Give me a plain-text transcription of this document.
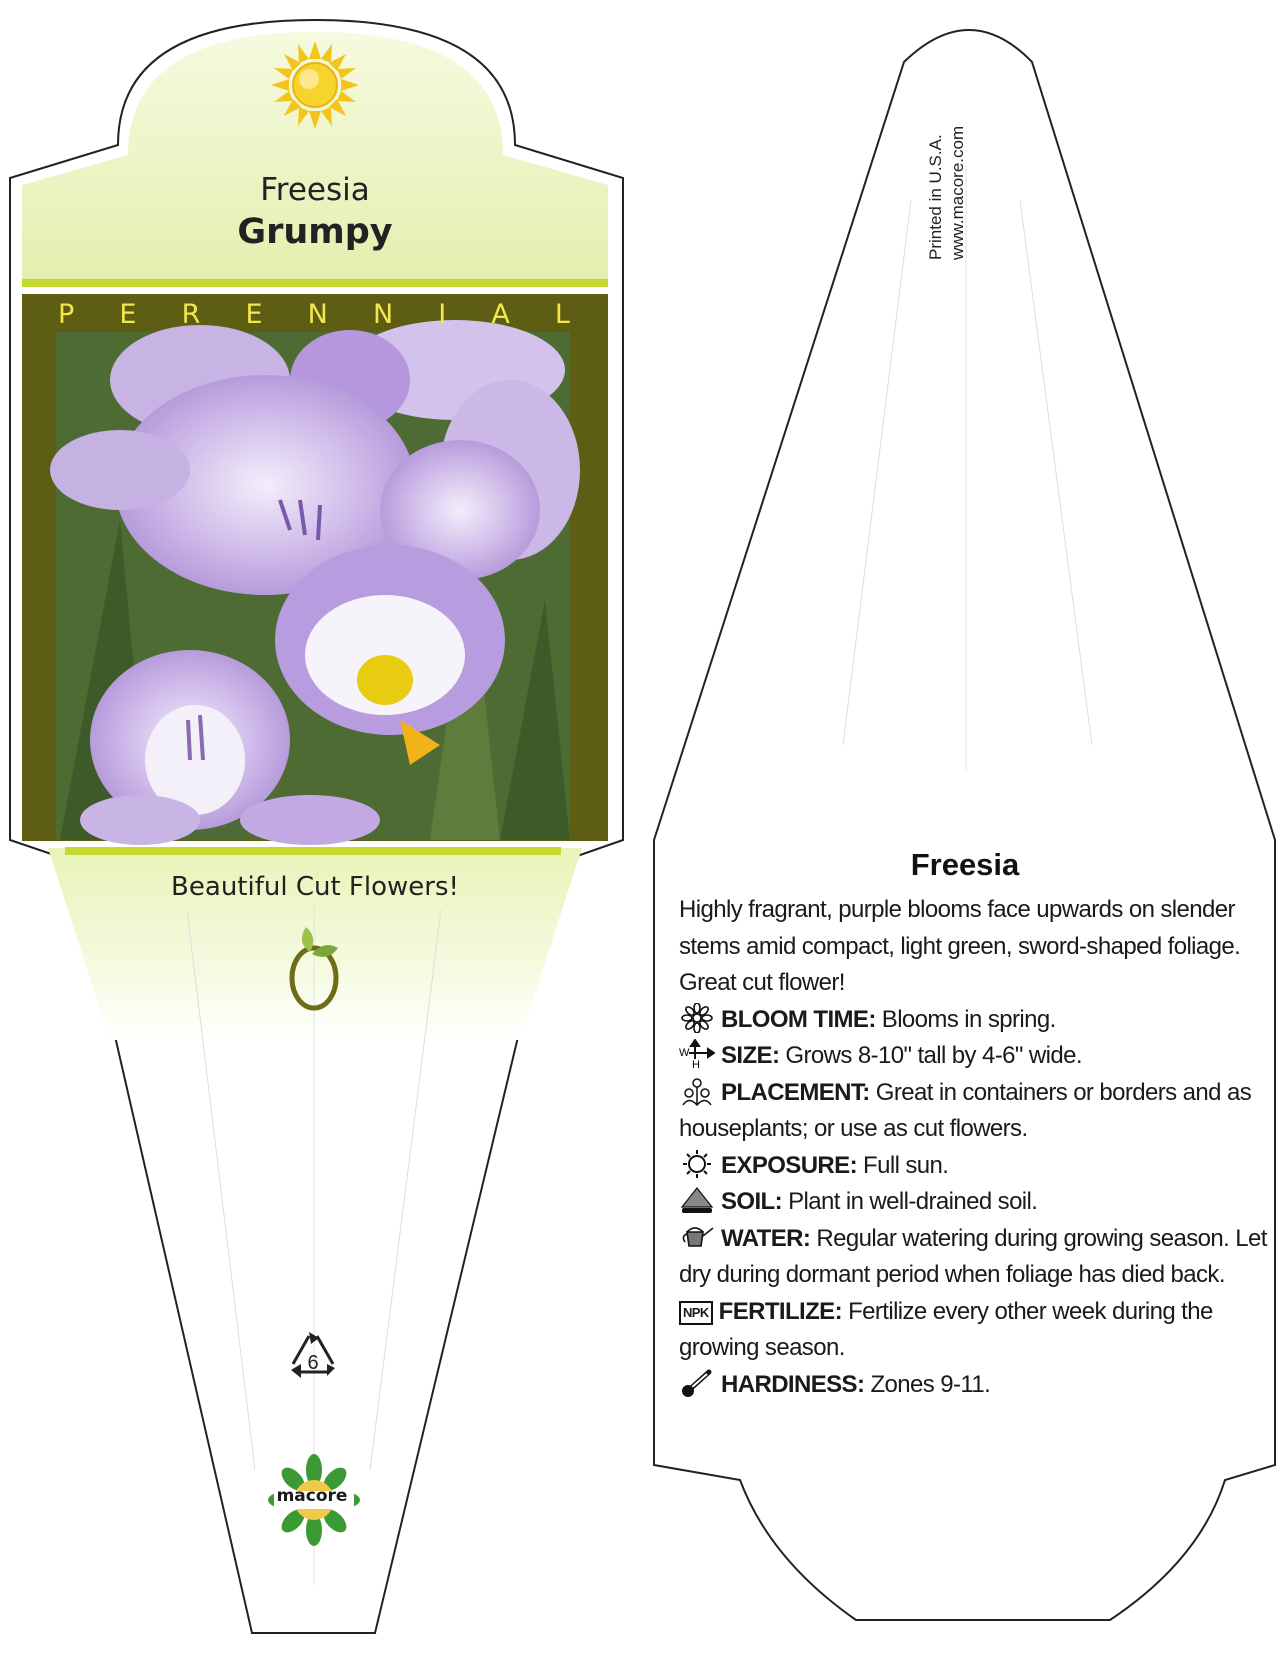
Freesia
Grumpy
P E R E N N I A L
Beautiful Cut Flowers!
6
macore
Printed in U.S.A. www.macore.com
Freesia

Highly fragrant, purple blooms face upwards on slender stems amid compact, light green, sword-shaped foliage. Great cut flower!

BLOOM TIME: Blooms in spring.

W
H SIZE: Grows 8-10" tall by 4-6" wide.

PLACEMENT: Great in containers or borders and as houseplants; or use as cut flowers.

EXPOSURE: Full sun.

SOIL: Plant in well-drained soil.

WATER: Regular watering during growing season. Let dry during dormant period when foliage has died back.

NPK FERTILIZE: Fertilize every other week during the growing season.

HARDINESS: Zones 9-11.
